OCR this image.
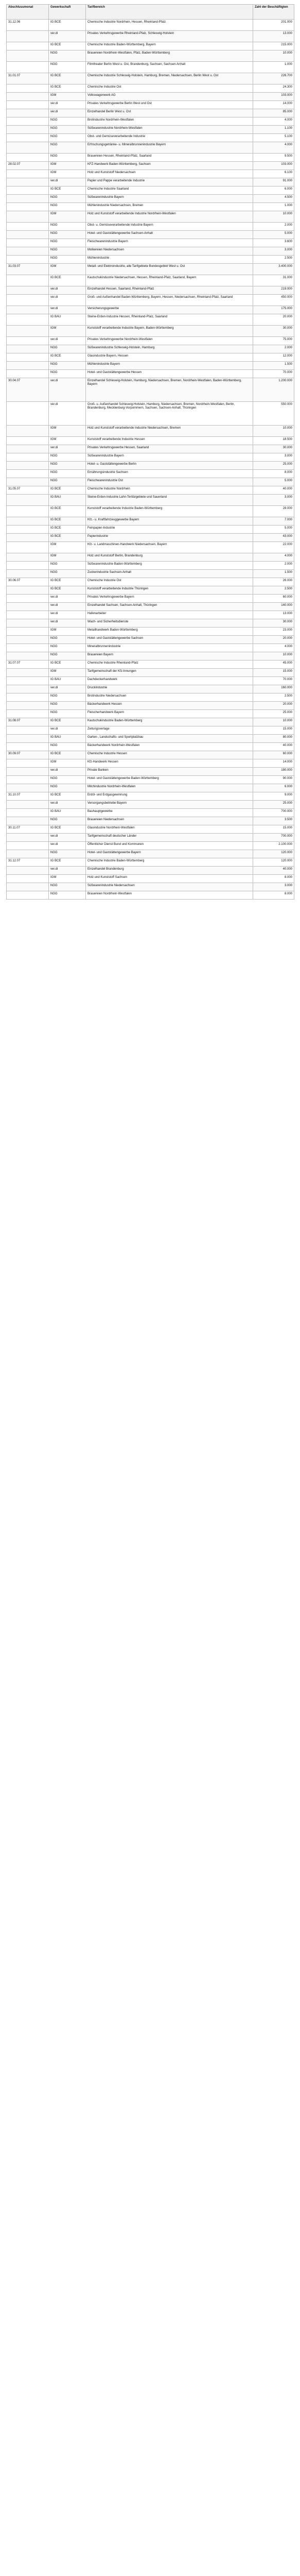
Abschlussmonat	Gewerkschaft	Tarifbereich	Zahl der Beschäftigten
31.12.06	IG BCE	Chemische Industrie Nordrhein, Hessen, Rheinland-Pfalz	201.000
	ver.di	Privates Verkehrsgewerbe Rheinland-Pfalz, Schleswig-Holstein	13.000
	IG BCE	Chemische Industrie Baden-Württemberg, Bayern	215.000
	NGG	Brauereien Nordrhein-Westfalen, Pfalz, Baden-Württemberg	10.000
	NGG	Filmtheater Berlin West u. Ost, Brandenburg, Sachsen, Sachsen-Anhalt	1.000
31.01.07	IG BCE	Chemische Industrie Schleswig-Holstein, Hamburg, Bremen, Niedersachsen, Berlin West u. Ost	226.700
	IG BCE	Chemische Industrie Ost	24.300
	IGM	Volkswagenwerk AG	103.000
	ver.di	Privates Verkehrsgewerbe Berlin West und Ost	14.000
	ver.di	Einzelhandel Berlin West u. Ost	85.000
	NGG	Brotindustrie Nordrhein-Westfalen	4.000
	NGG	Süßwarenindustrie Nordrhein-Westfalen	1.100
	NGG	Obst- und Gemüseverarbeitende Industrie	5.100
	NGG	Erfrischungsgetränke- u. Mineralbrunnenindustrie Bayern	4.000
	NGG	Brauereien Hessen, Rheinland-Pfalz, Saarland	9.500
28.02.07	IGM	KFZ-Handwerk Baden-Württemberg, Sachsen	103.000
	IGM	Holz und Kunststoff Niedersachsen	6.100
	ver.di	Papier und Pappe verarbeitende Industrie	91.000
	IG BCE	Chemische Industrie Saarland	6.000
	NGG	Süßwarenindustrie Bayern	4.500
	NGG	Mühlenindustrie Niedersachsen, Bremen	1.000
	IGM	Holz und Kunststoff verarbeitende Industrie Nordrhein-Westfalen	10.000
	NGG	Obst- u. Gemüseverarbeitende Industrie Bayern	2.000
	NGG	Hotel- und Gaststättengewerbe Sachsen-Anhalt	5.000
	NGG	Fleischwarenindustrie Bayern	3.600
	NGG	Molkereien Niedersachsen	3.000
	NGG	Mühlenindustrie	2.500
31.03.07	IGM	Metall- und Elektroindustrie, alle Tarifgebiete Bundesgebiet West u. Ost	3.400.000
	IG BCE	Kautschukindustrie Niedersachsen, Hessen, Rheinland-Pfalz, Saarland, Bayern	31.000
	ver.di	Einzelhandel Hessen, Saarland, Rheinland-Pfalz	219.000
	ver.di	Groß- und Außenhandel Baden-Württemberg, Bayern, Hessen, Niedersachsen, Rheinland-Pfalz, Saarland	450.000
	ver.di	Versicherungsgewerbe	175.000
	IG BAU	Steine-Erden-Industrie Hessen, Rheinland-Pfalz, Saarland	20.000
	IGM	Kunststoff verarbeitende Industrie Bayern, Baden-Württemberg	30.000
	ver.di	Privates Verkehrsgewerbe Nordrhein-Westfalen	75.000
	NGG	Süßwarenindustrie Schleswig-Holstein, Hamburg	2.000
	IG BCE	Glasindustrie Bayern, Hessen	12.000
	NGG	Mühlenindustrie Bayern	1.500
	NGG	Hotel- und Gaststättengewerbe Hessen	70.000
30.04.07	ver.di	Einzelhandel Schleswig-Holstein, Hamburg, Niedersachsen, Bremen, Nordrhein-Westfalen, Baden-Württemberg, Bayern	1.200.000
	ver.di	Groß- u. Außenhandel Schleswig-Holstein, Hamburg, Niedersachsen, Bremen, Nordrhein-Westfalen, Berlin, Brandenburg, Mecklenburg-Vorpommern, Sachsen, Sachsen-Anhalt, Thüringen	550.000
	IGM	Holz und Kunststoff verarbeitende Industrie Niedersachsen, Bremen	10.000
	IGM	Kunststoff verarbeitende Industrie Hessen	18.500
	ver.di	Privates Verkehrsgewerbe Hessen, Saarland	30.000
	NGG	Süßwarenindustrie Bayern	3.000
	NGG	Hotel- u. Gaststättengewerbe Berlin	25.000
	NGG	Ernährungsindustrie Sachsen	8.000
	NGG	Fleischwarenindustrie Ost	5.000
31.05.07	IG BCE	Chemische Industrie Nordrhein	40.000
	IG BAU	Steine-Erden-Industrie Lahn-Tertiärgebiete und Sauerland	3.000
	IG BCE	Kunststoff verarbeitende Industrie Baden-Württemberg	28.000
	IG BCE	Kfz.- u. Kraftfahrzeuggewerbe Bayern	7.000
	IG BCE	Feinpapier-Industrie	5.000
	IG BCE	Papierindustrie	43.000
	IGM	Kfz- u. Landmaschinen-Handwerk Niedersachsen, Bayern	22.000
	IGM	Holz und Kunststoff Berlin, Brandenburg	4.000
	NGG	Süßwarenindustrie Baden-Württemberg	2.000
	NGG	Zuckerindustrie Sachsen-Anhalt	1.500
30.06.07	IG BCE	Chemische Industrie Ost	26.000
	IG BCE	Kunststoff verarbeitende Industrie Thüringen	2.500
	ver.di	Privates Verkehrsgewerbe Bayern	60.000
	ver.di	Einzelhandel Sachsen, Sachsen-Anhalt, Thüringen	140.000
	ver.di	Hafenarbeiter	13.000
	ver.di	Wach- und Sicherheitsdienste	30.000
	IGM	Metallhandwerk Baden-Württemberg	23.000
	NGG	Hotel- und Gaststättengewerbe Sachsen	20.000
	NGG	Mineralbrunnenindustrie	4.000
	NGG	Brauereien Bayern	10.000
31.07.07	IG BCE	Chemische Industrie Rheinland-Pfalz	45.000
	IGM	Tarifgemeinschaft der Kfz-Innungen	15.000
	IG BAU	Dachdeckerhandwerk	70.000
	ver.di	Druckindustrie	160.000
	NGG	Brotindustrie Niedersachsen	2.500
	NGG	Bäckerhandwerk Hessen	20.000
	NGG	Fleischerhandwerk Bayern	25.000
31.08.07	IG BCE	Kautschukindustrie Baden-Württemberg	10.000
	ver.di	Zeitungsverlage	15.000
	IG BAU	Garten-, Landschafts- und Sportplatzbau	80.000
	NGG	Bäckerhandwerk Nordrhein-Westfalen	40.000
30.09.07	IG BCE	Chemische Industrie Hessen	60.000
	IGM	Kfz-Handwerk Hessen	14.000
	ver.di	Private Banken	180.000
	NGG	Hotel- und Gaststättengewerbe Baden-Württemberg	90.000
	NGG	Milchindustrie Nordrhein-Westfalen	6.000
31.10.07	IG BCE	Erdöl- und Erdgasgewinnung	9.000
	ver.di	Versorgungsbetriebe Bayern	25.000
	IG BAU	Bauhauptgewerbe	700.000
	NGG	Brauereien Niedersachsen	3.500
30.11.07	IG BCE	Glasindustrie Nordrhein-Westfalen	15.000
	ver.di	Tarifgemeinschaft deutscher Länder	700.000
	ver.di	Öffentlicher Dienst Bund und Kommunen	2.100.000
	NGG	Hotel- und Gaststättengewerbe Bayern	120.000
31.12.07	IG BCE	Chemische Industrie Baden-Württemberg	120.000
	ver.di	Einzelhandel Brandenburg	40.000
	IGM	Holz und Kunststoff Sachsen	8.000
	NGG	Süßwarenindustrie Niedersachsen	3.000
	NGG	Brauereien Nordrhein-Westfalen	8.000
